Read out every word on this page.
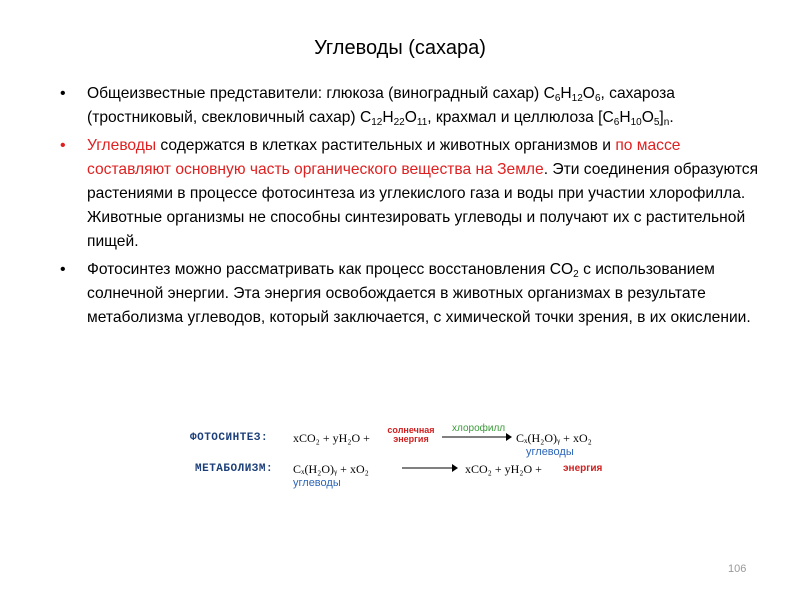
Углеводы (сахара)
• Общеизвестные представители: глюкоза (виноградный сахар) $C_6H_{12}O_6$, сахароза (тростниковый, свекловичный сахар) $C_{12}H_{22}O_{11}$, крахмал и целлюлоза $[C_6H_{10}O_5]_n$.
• Углеводы содержатся в клетках растительных и животных организмов и по массе составляют основную часть органического вещества на Земле. Эти соединения образуются растениями в процессе фотосинтеза из углекислого газа и воды при участии хлорофилла. Животные организмы не способны синтезировать углеводы и получают их с растительной пищей.
• Фотосинтез можно рассматривать как процесс восстановления $CO_2$ с использованием солнечной энергии. Эта энергия освобождается в животных организмах в результате метаболизма углеводов, который заключается, с химической точки зрения, в их окислении.
ФОТОСИНТЕЗ: xCO₂ + yH₂O +
солнечная
энергия
хлорофилл
Cₓ(H₂O)ᵧ + xO₂
углеводы
МЕТАБОЛИЗМ: Cₓ(H₂O)ᵧ + xO₂	xCO₂ + yH₂O + энергия
углеводы
106
